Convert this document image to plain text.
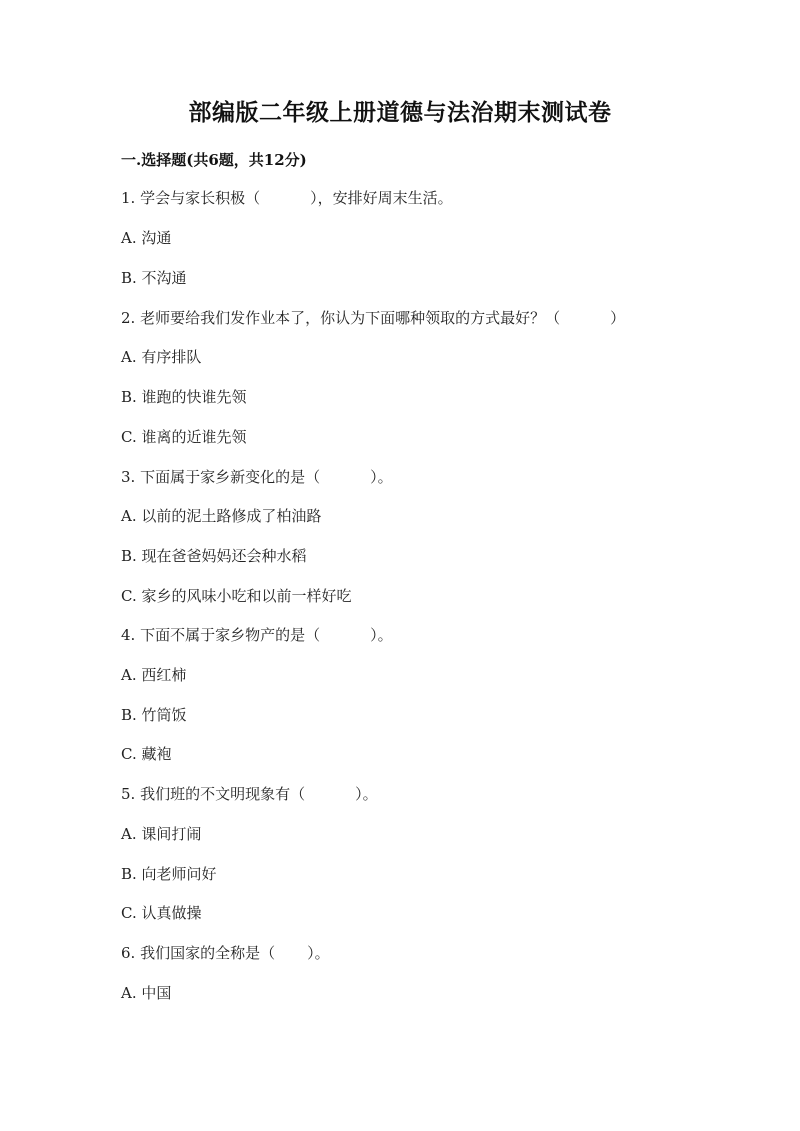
部编版二年级上册道德与法治期末测试卷
一.选择题(共6题，共12分)
1. 学会与家长积极（	），安排好周末生活。
A. 沟通
B. 不沟通
2. 老师要给我们发作业本了，你认为下面哪种领取的方式最好？（	）
A. 有序排队
B. 谁跑的快谁先领
C. 谁离的近谁先领
3. 下面属于家乡新变化的是（	）。
A. 以前的泥土路修成了柏油路
B. 现在爸爸妈妈还会种水稻
C. 家乡的风味小吃和以前一样好吃
4. 下面不属于家乡物产的是（	）。
A. 西红柿
B. 竹筒饭
C. 藏袍
5. 我们班的不文明现象有（	）。
A. 课间打闹
B. 向老师问好
C. 认真做操
6. 我们国家的全称是（ ）。
A. 中国
